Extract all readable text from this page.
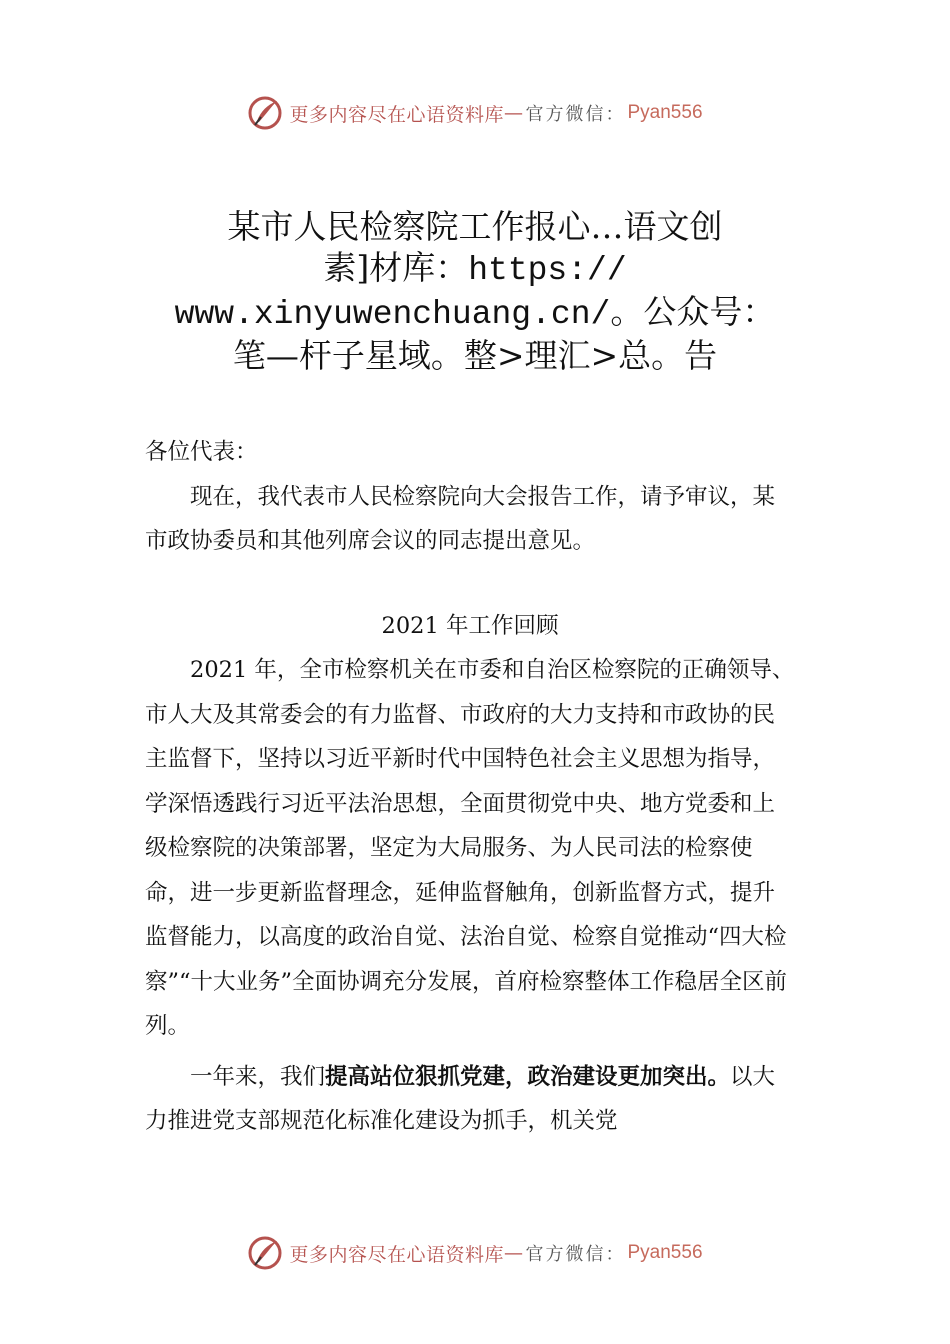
更多内容尽在心语资料库 — 官方微信： Pyan556
某市人民检察院工作报心…语文创
素]材库：https://
www.xinyuwenchuang.cn/。公众号：
笔—杆子星域。整>理汇>总。告

各位代表：

现在，我代表市人民检察院向大会报告工作，请予审议，某市政协委员和其他列席会议的同志提出意见。

2021 年工作回顾

2021 年，全市检察机关在市委和自治区检察院的正确领导、市人大及其常委会的有力监督、市政府的大力支持和市政协的民主监督下，坚持以习近平新时代中国特色社会主义思想为指导，学深悟透践行习近平法治思想，全面贯彻党中央、地方党委和上级检察院的决策部署，坚定为大局服务、为人民司法的检察使命，进一步更新监督理念，延伸监督触角，创新监督方式，提升监督能力，以高度的政治自觉、法治自觉、检察自觉推动“四大检察”“十大业务”全面协调充分发展，首府检察整体工作稳居全区前列。

一年来，我们提高站位狠抓党建，政治建设更加突出。以大力推进党支部规范化标准化建设为抓手，机关党

更多内容尽在心语资料库 — 官方微信： Pyan556
